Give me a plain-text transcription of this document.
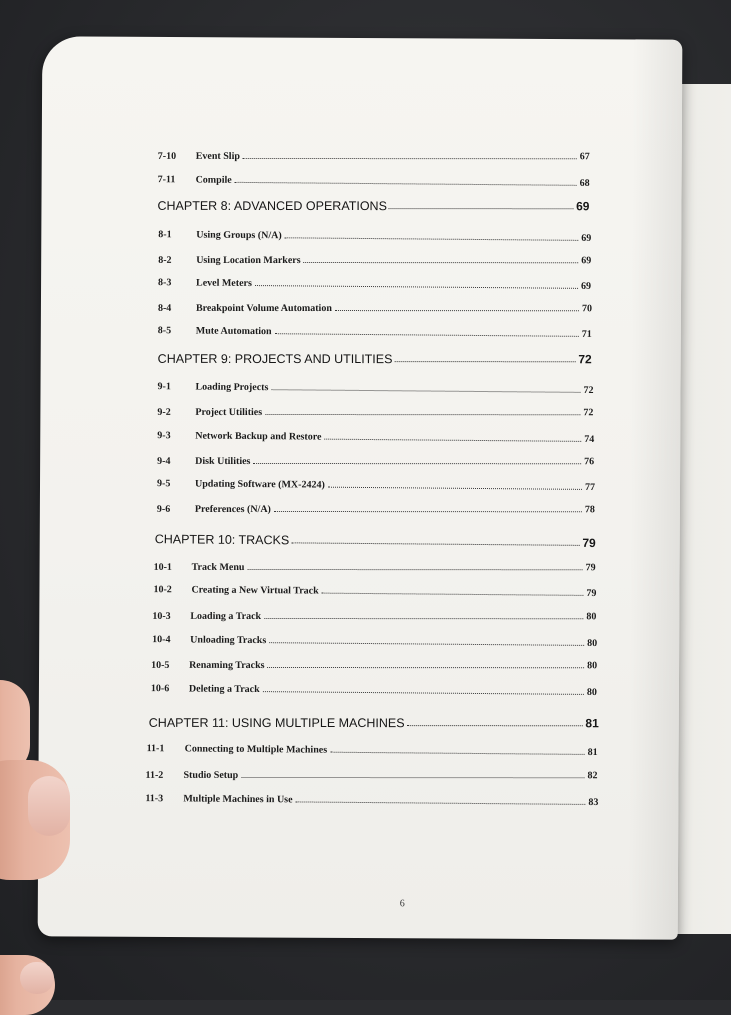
7-10	Event Slip	67
7-11	Compile	68
CHAPTER 8: ADVANCED OPERATIONS	69
8-1	Using Groups (N/A)	69
8-2	Using Location Markers	69
8-3	Level Meters	69
8-4	Breakpoint Volume Automation	70
8-5	Mute Automation	71
CHAPTER 9: PROJECTS AND UTILITIES	72
9-1	Loading Projects	72
9-2	Project Utilities	72
9-3	Network Backup and Restore	74
9-4	Disk Utilities	76
9-5	Updating Software (MX-2424)	77
9-6	Preferences (N/A)	78
CHAPTER 10: TRACKS	79
10-1	Track Menu	79
10-2	Creating a New Virtual Track	79
10-3	Loading a Track	80
10-4	Unloading Tracks	80
10-5	Renaming Tracks	80
10-6	Deleting a Track	80
CHAPTER 11: USING MULTIPLE MACHINES	81
11-1	Connecting to Multiple Machines	81
11-2	Studio Setup	82
11-3	Multiple Machines in Use	83
6
